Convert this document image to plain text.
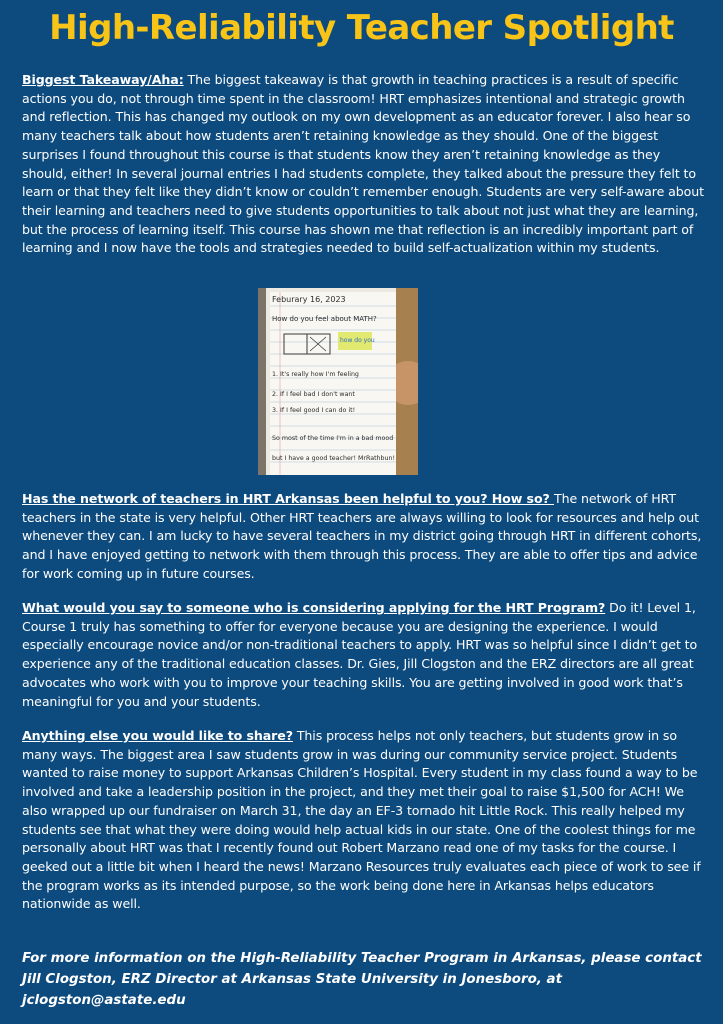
High-Reliability Teacher Spotlight

Biggest Takeaway/Aha: The biggest takeaway is that growth in teaching practices is a result of specific actions you do, not through time spent in the classroom! HRT emphasizes intentional and strategic growth and reflection. This has changed my outlook on my own development as an educator forever. I also hear so many teachers talk about how students aren’t retaining knowledge as they should. One of the biggest surprises I found throughout this course is that students know they aren’t retaining knowledge as they should, either! In several journal entries I had students complete, they talked about the pressure they felt to learn or that they felt like they didn’t know or couldn’t remember enough. Students are very self-aware about their learning and teachers need to give students opportunities to talk about not just what they are learning, but the process of learning itself. This course has shown me that reflection is an incredibly important part of learning and I now have the tools and strategies needed to build self-actualization within my students.

how do you
Feburary 16, 2023
How do you feel about MATH?
1. It's really how I'm feeling
2. If I feel bad I don't want
3. If I feel good I can do it!
So most of the time I'm in a bad mood
but I have a good teacher! MrRathbun!

Has the network of teachers in HRT Arkansas been helpful to you? How so? The network of HRT teachers in the state is very helpful. Other HRT teachers are always willing to look for resources and help out whenever they can. I am lucky to have several teachers in my district going through HRT in different cohorts, and I have enjoyed getting to network with them through this process. They are able to offer tips and advice for work coming up in future courses.

What would you say to someone who is considering applying for the HRT Program? Do it! Level 1, Course 1 truly has something to offer for everyone because you are designing the experience. I would especially encourage novice and/or non-traditional teachers to apply. HRT was so helpful since I didn’t get to experience any of the traditional education classes. Dr. Gies, Jill Clogston and the ERZ directors are all great advocates who work with you to improve your teaching skills. You are getting involved in good work that’s meaningful for you and your students.

Anything else you would like to share? This process helps not only teachers, but students grow in so many ways. The biggest area I saw students grow in was during our community service project. Students wanted to raise money to support Arkansas Children’s Hospital. Every student in my class found a way to be involved and take a leadership position in the project, and they met their goal to raise $1,500 for ACH! We also wrapped up our fundraiser on March 31, the day an EF-3 tornado hit Little Rock. This really helped my students see that what they were doing would help actual kids in our state. One of the coolest things for me personally about HRT was that I recently found out Robert Marzano read one of my tasks for the course. I geeked out a little bit when I heard the news! Marzano Resources truly evaluates each piece of work to see if the program works as its intended purpose, so the work being done here in Arkansas helps educators nationwide as well.

For more information on the High-Reliability Teacher Program in Arkansas, please contact
Jill Clogston, ERZ Director at Arkansas State University in Jonesboro, at jclogston@astate.edu
